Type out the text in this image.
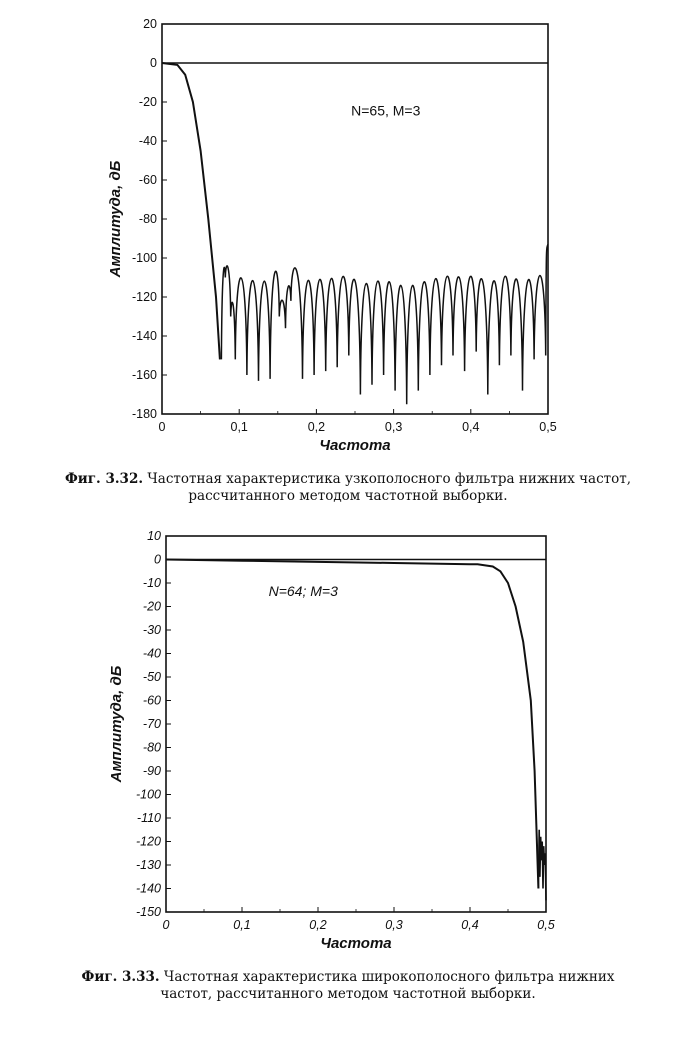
20
0
-20
-40
-60
-80
-100
-120
-140
-160
-180
0	0,1	0,2	0,3	0,4	0,5
Частота
Амплитуда, дБ
N=65, M=3
10
0
-10
-20
-30
-40
-50
-60
-70
-80
-90
-100
-110
-120
-130
-140
-150
0	0,1	0,2	0,3	0,4	0,5
Частота
Амплитуда, дБ
N=64; M=3
Фиг. 3.32. Частотная характеристика узкополосного фильтра нижних частот,
рассчитанного методом частотной выборки.
Фиг. 3.33. Частотная характеристика широкополосного фильтра нижних
частот, рассчитанного методом частотной выборки.
